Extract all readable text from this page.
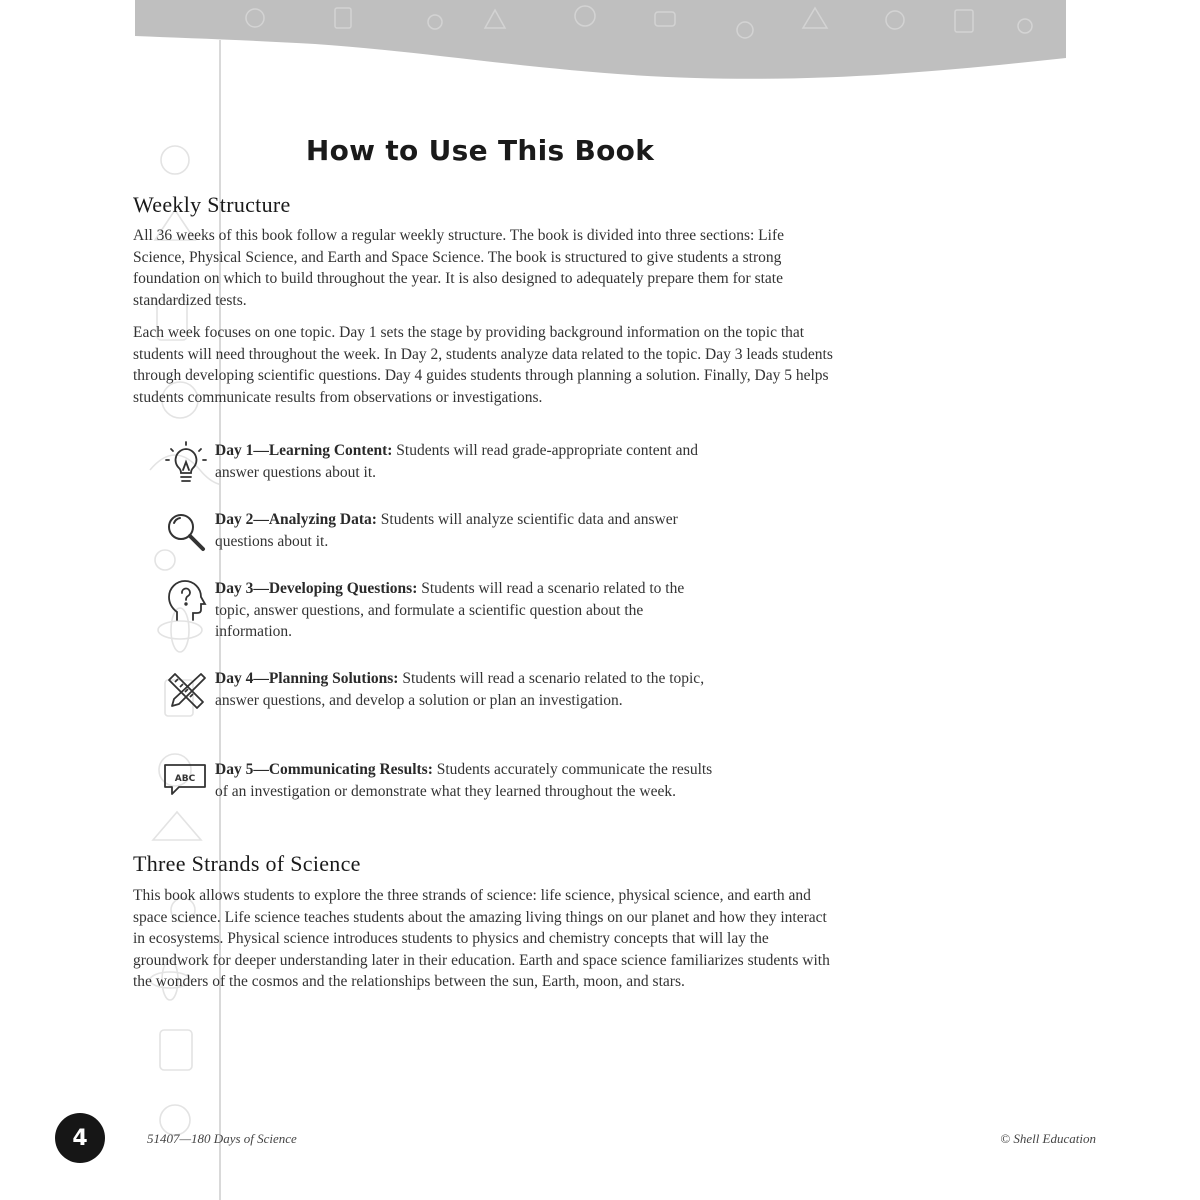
How to Use This Book
Weekly Structure

All 36 weeks of this book follow a regular weekly structure. The book is divided into three sections: Life Science, Physical Science, and Earth and Space Science. The book is structured to give students a strong foundation on which to build throughout the year. It is also designed to adequately prepare them for state standardized tests.

Each week focuses on one topic. Day 1 sets the stage by providing background information on the topic that students will need throughout the week. In Day 2, students analyze data related to the topic. Day 3 leads students through developing scientific questions. Day 4 guides students through planning a solution. Finally, Day 5 helps students communicate results from observations or investigations.

Day 1—Learning Content: Students will read grade-appropriate content and answer questions about it.

Day 2—Analyzing Data: Students will analyze scientific data and answer questions about it.

Day 3—Developing Questions: Students will read a scenario related to the topic, answer questions, and formulate a scientific question about the information.

Day 4—Planning Solutions: Students will read a scenario related to the topic, answer questions, and develop a solution or plan an investigation.

ABC

Day 5—Communicating Results: Students accurately communicate the results of an investigation or demonstrate what they learned throughout the week.

Three Strands of Science

This book allows students to explore the three strands of science: life science, physical science, and earth and space science. Life science teaches students about the amazing living things on our planet and how they interact in ecosystems. Physical science introduces students to physics and chemistry concepts that will lay the groundwork for deeper understanding later in their education. Earth and space science familiarizes students with the wonders of the cosmos and the relationships between the sun, Earth, moon, and stars.

4	51407—180 Days of Science	© Shell Education
